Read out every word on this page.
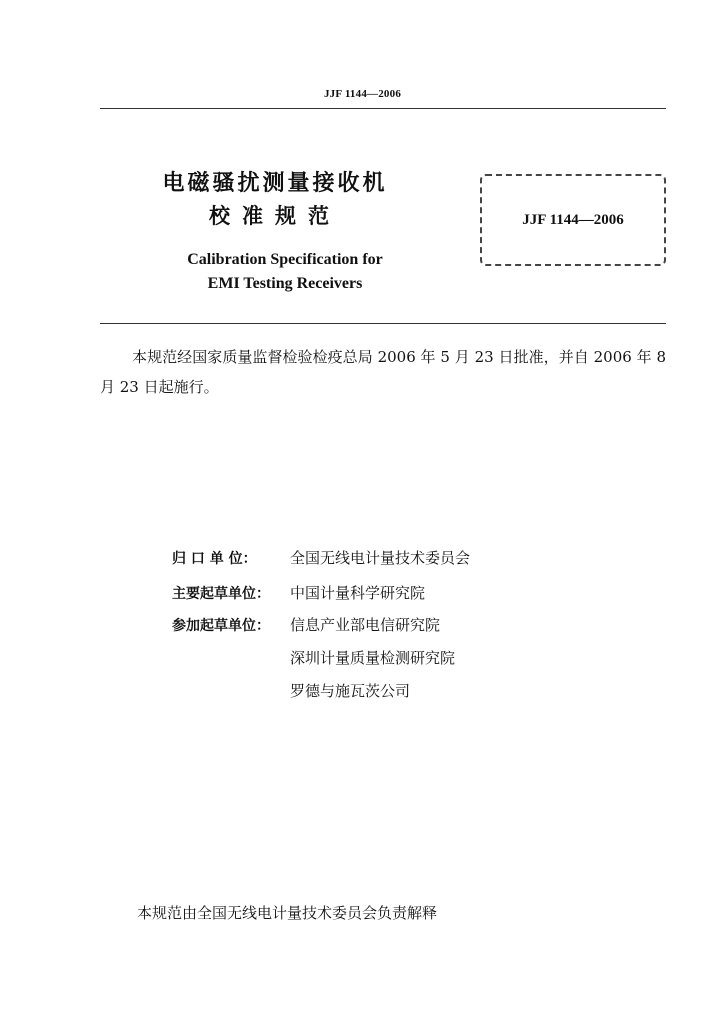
JJF 1144—2006
电磁骚扰测量接收机
校准规范
Calibration Specification for
EMI Testing Receivers
JJF 1144—2006
本规范经国家质量监督检验检疫总局 2006 年 5 月 23 日批准，并自 2006 年 8 月 23 日起施行。
归 口 单 位： 全国无线电计量技术委员会
主要起草单位： 中国计量科学研究院
参加起草单位： 信息产业部电信研究院
深圳计量质量检测研究院
罗德与施瓦茨公司
本规范由全国无线电计量技术委员会负责解释
